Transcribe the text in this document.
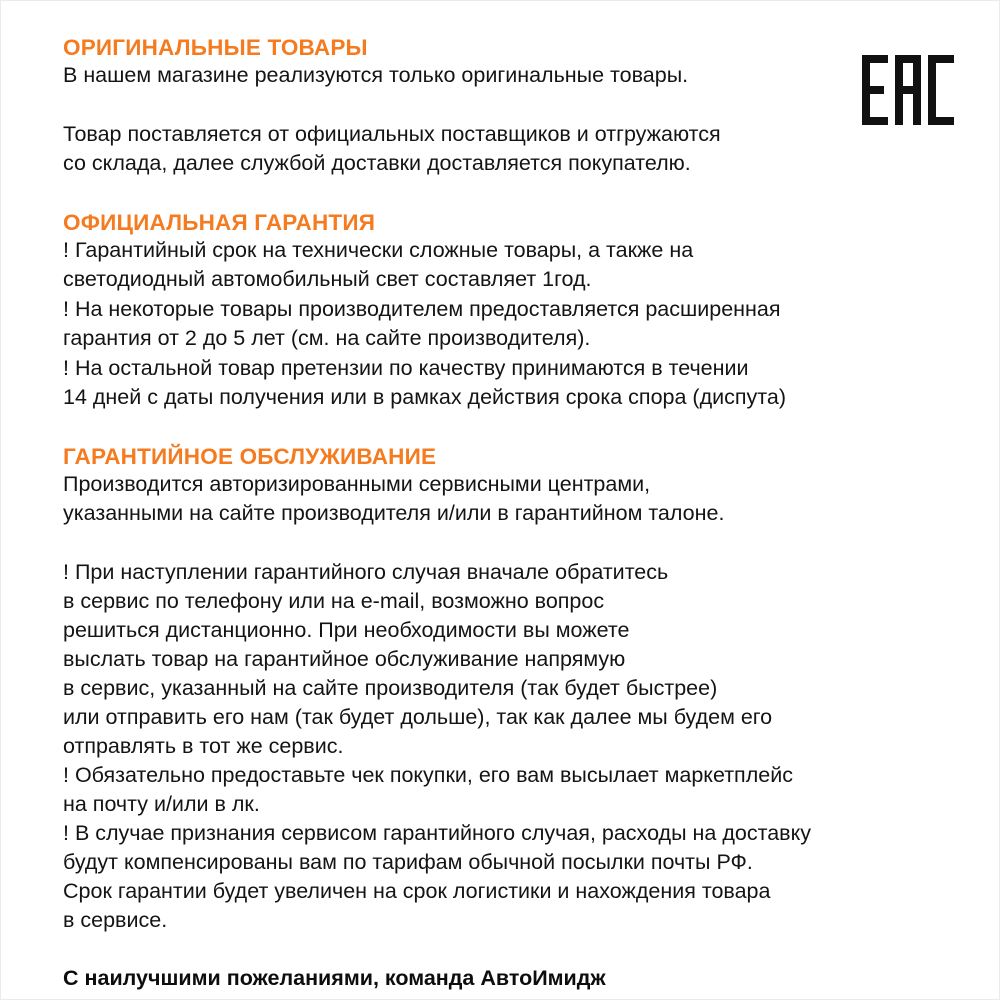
ОРИГИНАЛЬНЫЕ ТОВАРЫ

В нашем магазине реализуются только оригинальные товары.

Товар поставляется от официальных поставщиков и отгружаются
со склада, далее службой доставки доставляется покупателю.

ОФИЦИАЛЬНАЯ ГАРАНТИЯ

! Гарантийный срок на технически сложные товары, а также на
светодиодный автомобильный свет составляет 1год.
! На некоторые товары производителем предоставляется расширенная
гарантия от 2 до 5 лет (см. на сайте производителя).
! На остальной товар претензии по качеству принимаются в течении
14 дней с даты получения или в рамках действия срока спора (диспута)

ГАРАНТИЙНОЕ ОБСЛУЖИВАНИЕ

Производится авторизированными сервисными центрами,
указанными на сайте производителя и/или в гарантийном талоне.

! При наступлении гарантийного случая вначале обратитесь
в сервис по телефону или на e-mail, возможно вопрос
решиться дистанционно. При необходимости вы можете
выслать товар на гарантийное обслуживание напрямую
в сервис, указанный на сайте производителя (так будет быстрее)
или отправить его нам (так будет дольше), так как далее мы будем его
отправлять в тот же сервис.
! Обязательно предоставьте чек покупки, его вам высылает маркетплейс
на почту и/или в лк.
! В случае признания сервисом гарантийного случая, расходы на доставку
будут компенсированы вам по тарифам обычной посылки почты РФ.
Срок гарантии будет увеличен на срок логистики и нахождения товара
в сервисе.

С наилучшими пожеланиями, команда АвтоИмидж
